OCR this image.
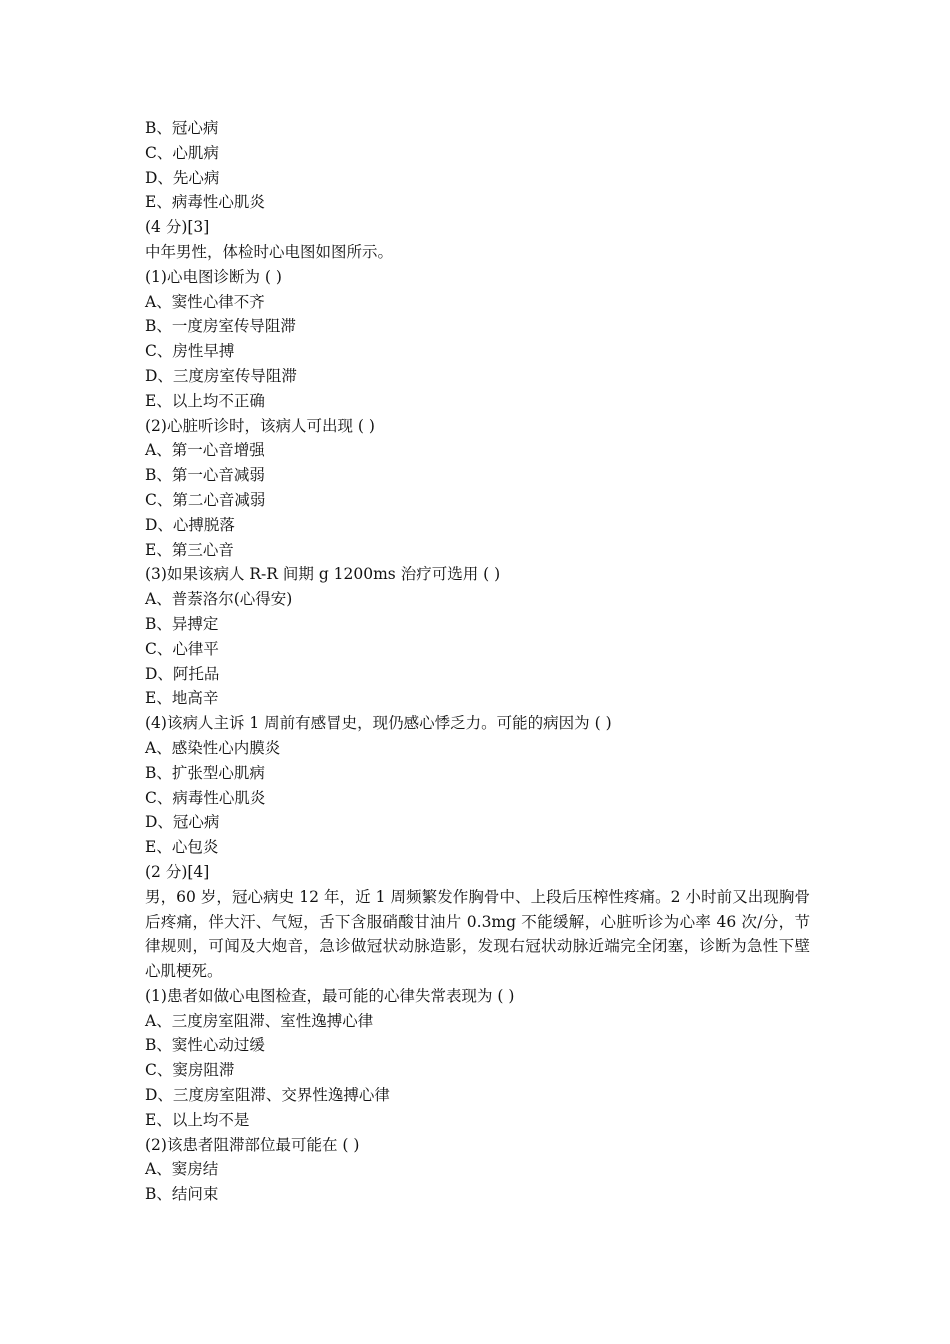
B、冠心病
C、心肌病
D、先心病
E、病毒性心肌炎
(4 分)[3]
中年男性，体检时心电图如图所示。
(1)心电图诊断为 ( )
A、窦性心律不齐
B、一度房室传导阻滞
C、房性早搏
D、三度房室传导阻滞
E、以上均不正确
(2)心脏听诊时，该病人可出现 ( )
A、第一心音增强
B、第一心音减弱
C、第二心音减弱
D、心搏脱落
E、第三心音
(3)如果该病人 R-R 间期 g 1200ms 治疗可选用 ( )
A、普萘洛尔(心得安)
B、异搏定
C、心律平
D、阿托品
E、地高辛
(4)该病人主诉 1 周前有感冒史，现仍感心悸乏力。可能的病因为 ( )
A、感染性心内膜炎
B、扩张型心肌病
C、病毒性心肌炎
D、冠心病
E、心包炎
(2 分)[4]
男，60 岁，冠心病史 12 年，近 1 周频繁发作胸骨中、上段后压榨性疼痛。2 小时前又出现胸骨后疼痛，伴大汗、气短，舌下含服硝酸甘油片 0.3mg 不能缓解，心脏听诊为心率 46 次/分，节律规则，可闻及大炮音，急诊做冠状动脉造影，发现右冠状动脉近端完全闭塞，诊断为急性下壁心肌梗死。
(1)患者如做心电图检查，最可能的心律失常表现为 ( )
A、三度房室阻滞、室性逸搏心律
B、窦性心动过缓
C、窦房阻滞
D、三度房室阻滞、交界性逸搏心律
E、以上均不是
(2)该患者阻滞部位最可能在 ( )
A、窦房结
B、结问束
